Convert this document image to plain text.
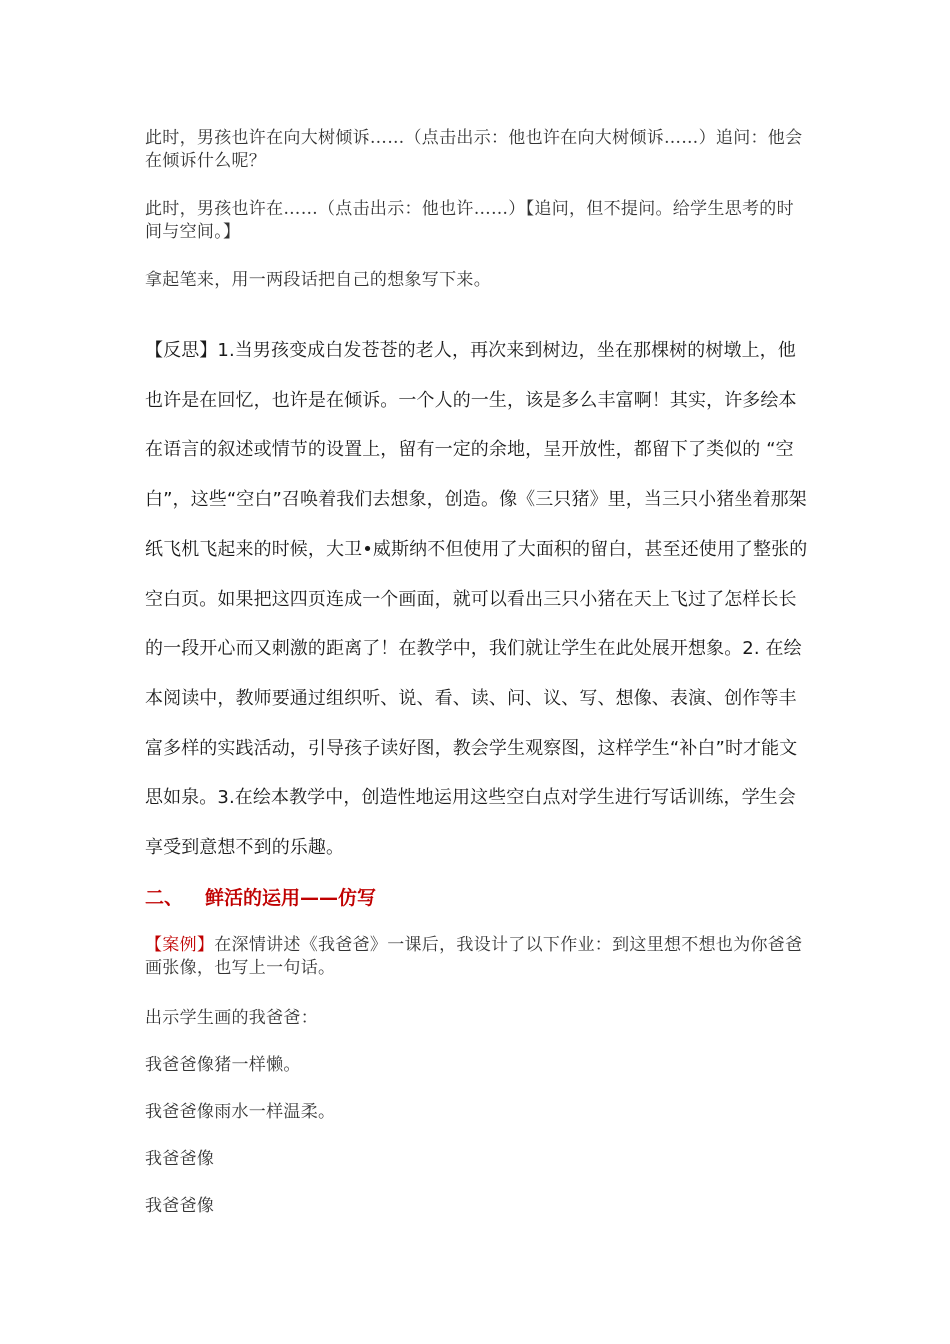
此时，男孩也许在向大树倾诉……（点击出示：他也许在向大树倾诉……）追问：他会在倾诉什么呢？

此时，男孩也许在……（点击出示：他也许……）【追问，但不提问。给学生思考的时间与空间。】

拿起笔来，用一两段话把自己的想象写下来。

【反思】1.当男孩变成白发苍苍的老人，再次来到树边，坐在那棵树的树墩上，他也许是在回忆，也许是在倾诉。一个人的一生，该是多么丰富啊！其实，许多绘本在语言的叙述或情节的设置上，留有一定的余地，呈开放性，都留下了类似的 “空白”，这些“空白”召唤着我们去想象，创造。像《三只猪》里，当三只小猪坐着那架纸飞机飞起来的时候，大卫•威斯纳不但使用了大面积的留白，甚至还使用了整张的空白页。如果把这四页连成一个画面，就可以看出三只小猪在天上飞过了怎样长长的一段开心而又刺激的距离了！在教学中，我们就让学生在此处展开想象。2. 在绘本阅读中，教师要通过组织听、说、看、读、问、议、写、想像、表演、创作等丰富多样的实践活动，引导孩子读好图，教会学生观察图，这样学生“补白”时才能文思如泉。3.在绘本教学中，创造性地运用这些空白点对学生进行写话训练，学生会享受到意想不到的乐趣。

二、 鲜活的运用——仿写

【案例】在深情讲述《我爸爸》一课后，我设计了以下作业：到这里想不想也为你爸爸画张像，也写上一句话。

出示学生画的我爸爸：

我爸爸像猪一样懒。

我爸爸像雨水一样温柔。

我爸爸像

我爸爸像
